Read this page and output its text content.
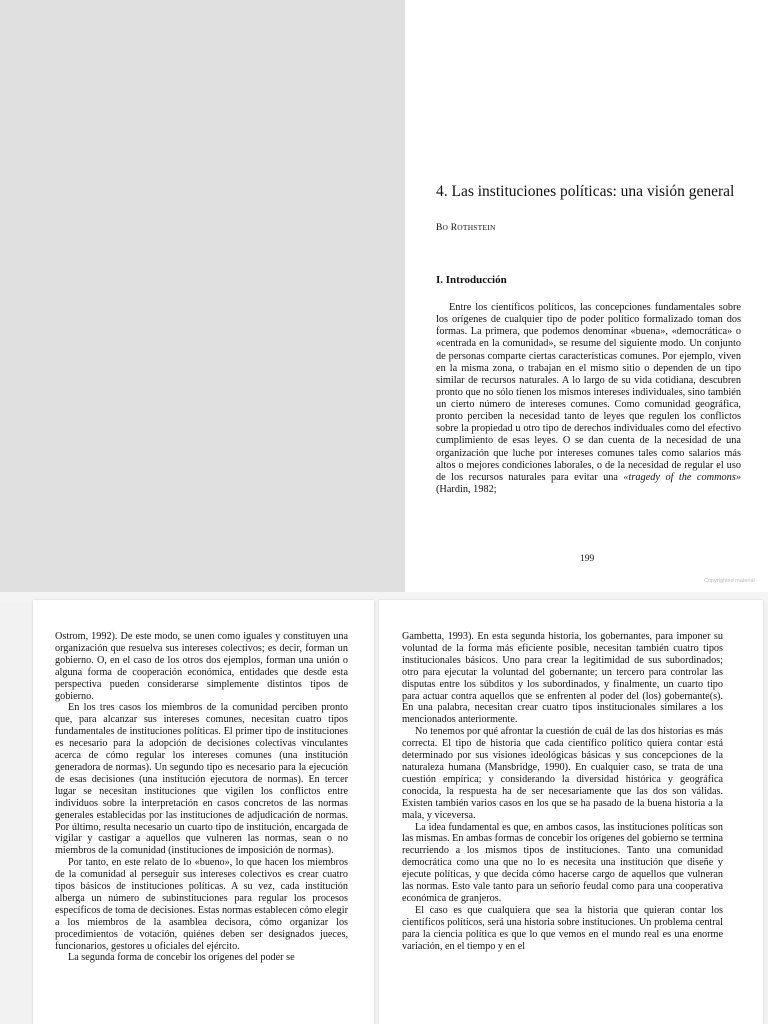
4. Las instituciones políticas: una visión general
BO ROTHSTEIN
I. Introducción

Entre los científicos políticos, las concepciones fundamentales sobre los orígenes de cualquier tipo de poder político formalizado toman dos formas. La primera, que podemos denominar «buena», «democrática» o «centrada en la comunidad», se resume del siguiente modo. Un conjunto de personas comparte ciertas características comunes. Por ejemplo, viven en la misma zona, o trabajan en el mismo sitio o dependen de un tipo similar de recursos naturales. A lo largo de su vida cotidiana, descubren pronto que no sólo tienen los mismos intereses individuales, sino también un cierto número de intereses comunes. Como comunidad geográfica, pronto perciben la necesidad tanto de leyes que regulen los conflictos sobre la propiedad u otro tipo de derechos individuales como del efectivo cumplimiento de esas leyes. O se dan cuenta de la necesidad de una organización que luche por intereses comunes tales como salarios más altos o mejores condiciones laborales, o de la necesidad de regular el uso de los recursos naturales para evitar una «tragedy of the commons» (Hardin, 1982;

199
Copyrighted material

Ostrom, 1992). De este modo, se unen como iguales y constituyen una organización que resuelva sus intereses colectivos; es decir, forman un gobierno. O, en el caso de los otros dos ejemplos, forman una unión o alguna forma de cooperación económica, entidades que desde esta perspectiva pueden considerarse simplemente distintos tipos de gobierno.

En los tres casos los miembros de la comunidad perciben pronto que, para alcanzar sus intereses comunes, necesitan cuatro tipos fundamentales de instituciones políticas. El primer tipo de instituciones es necesario para la adopción de decisiones colectivas vinculantes acerca de cómo regular los intereses comunes (una institución generadora de normas). Un segundo tipo es necesario para la ejecución de esas decisiones (una institución ejecutora de normas). En tercer lugar se necesitan instituciones que vigilen los conflictos entre individuos sobre la interpretación en casos concretos de las normas generales establecidas por las instituciones de adjudicación de normas. Por último, resulta necesario un cuarto tipo de institución, encargada de vigilar y castigar a aquellos que vulneren las normas, sean o no miembros de la comunidad (instituciones de imposición de normas).

Por tanto, en este relato de lo «bueno», lo que hacen los miembros de la comunidad al perseguir sus intereses colectivos es crear cuatro tipos básicos de instituciones políticas. A su vez, cada institución alberga un número de subinstituciones para regular los procesos específicos de toma de decisiones. Estas normas establecen cómo elegir a los miembros de la asamblea decisora, cómo organizar los procedimientos de votación, quiénes deben ser designados jueces, funcionarios, gestores u oficiales del ejército.

La segunda forma de concebir los orígenes del poder se

Gambetta, 1993). En esta segunda historia, los gobernantes, para imponer su voluntad de la forma más eficiente posible, necesitan también cuatro tipos institucionales básicos. Uno para crear la legitimidad de sus subordinados; otro para ejecutar la voluntad del gobernante; un tercero para controlar las disputas entre los súbditos y los subordinados, y finalmente, un cuarto tipo para actuar contra aquellos que se enfrenten al poder del (los) gobernante(s). En una palabra, necesitan crear cuatro tipos institucionales similares a los mencionados anteriormente.

No tenemos por qué afrontar la cuestión de cuál de las dos historias es más correcta. El tipo de historia que cada científico político quiera contar está determinado por sus visiones ideológicas básicas y sus concepciones de la naturaleza humana (Mansbridge, 1990). En cualquier caso, se trata de una cuestión empírica; y considerando la diversidad histórica y geográfica conocida, la respuesta ha de ser necesariamente que las dos son válidas. Existen también varios casos en los que se ha pasado de la buena historia a la mala, y viceversa.

La idea fundamental es que, en ambos casos, las instituciones políticas son las mismas. En ambas formas de concebir los orígenes del gobierno se termina recurriendo a los mismos tipos de instituciones. Tanto una comunidad democrática como una que no lo es necesita una institución que diseñe y ejecute políticas, y que decida cómo hacerse cargo de aquellos que vulneran las normas. Esto vale tanto para un señorío feudal como para una cooperativa económica de granjeros.

El caso es que cualquiera que sea la historia que quieran contar los científicos políticos, será una historia sobre instituciones. Un problema central para la ciencia política es que lo que vemos en el mundo real es una enorme variación, en el tiempo y en el
